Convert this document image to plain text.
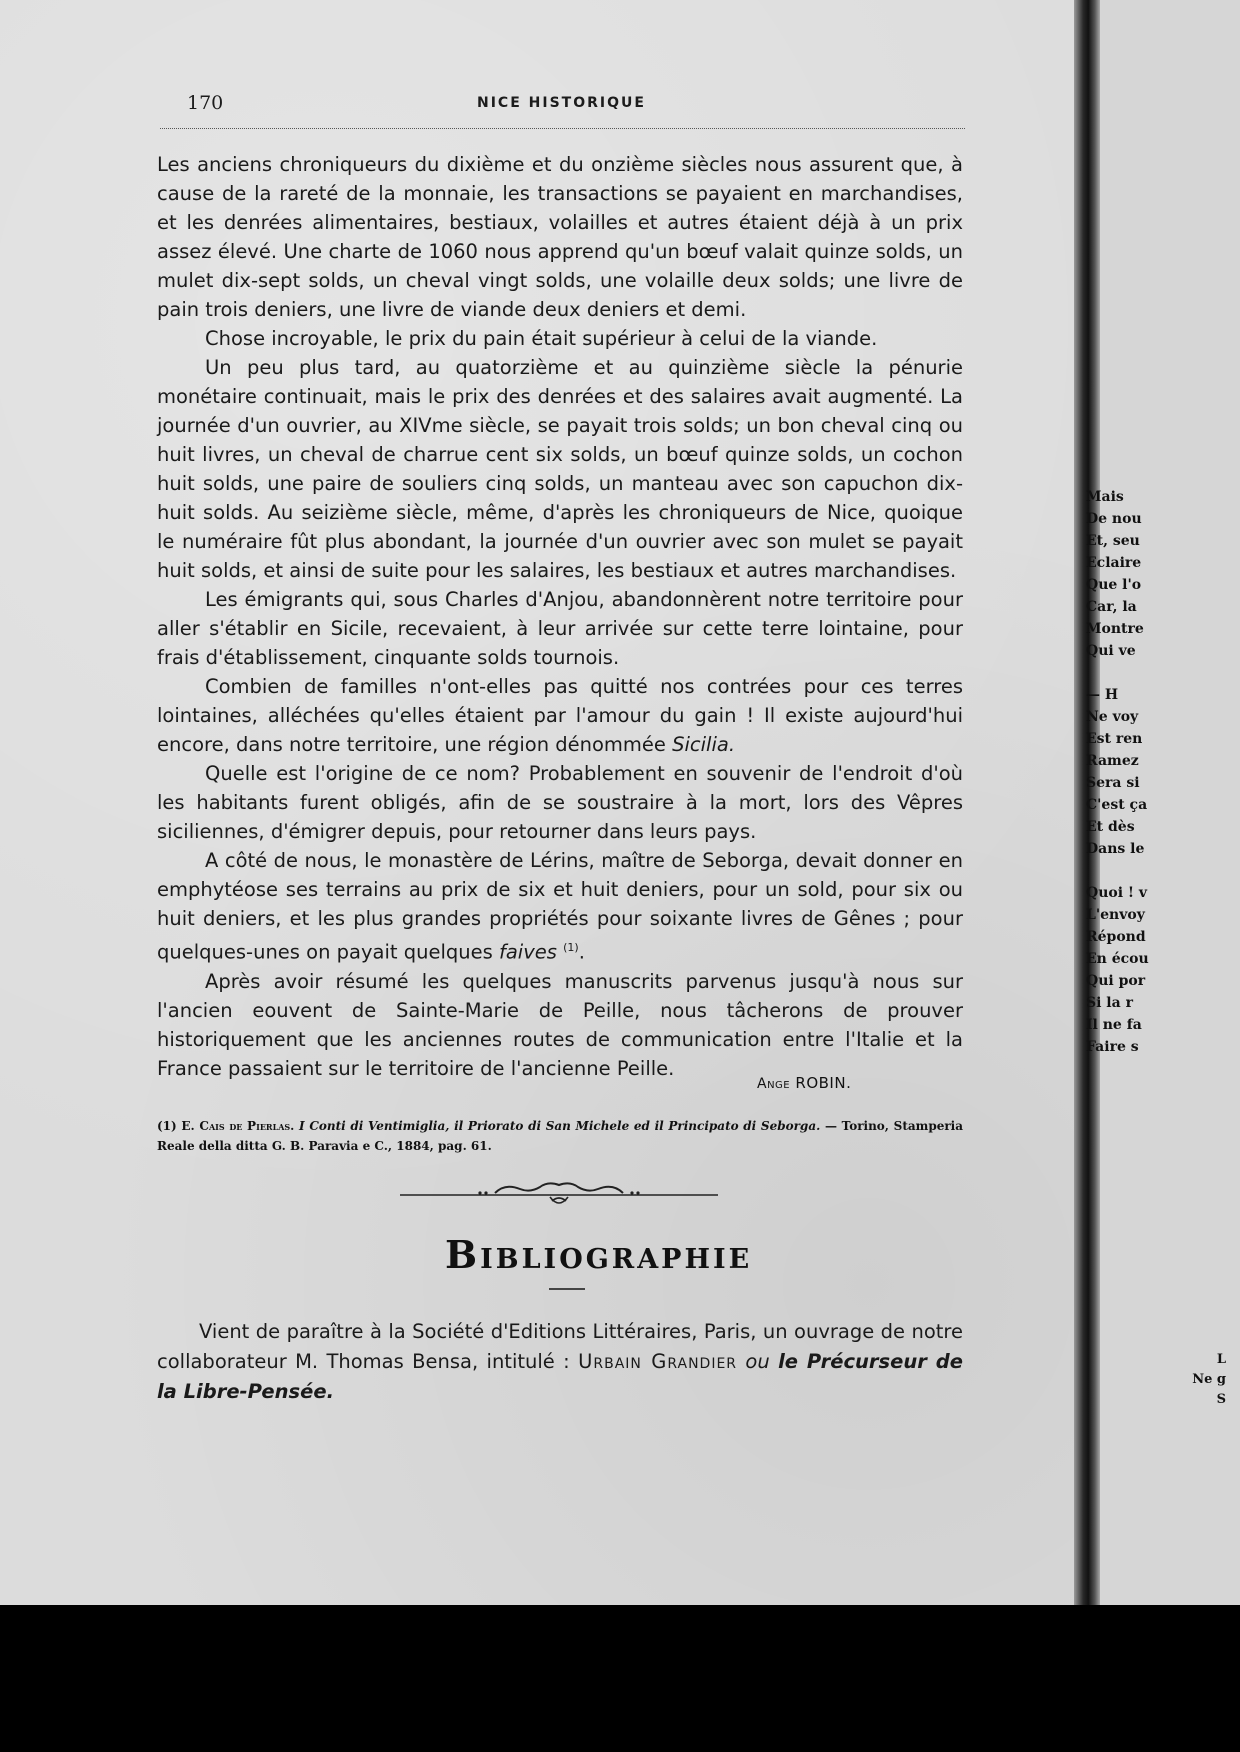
170	NICE HISTORIQUE

Les anciens chroniqueurs du dixième et du onzième siècles nous assurent que, à cause de la rareté de la monnaie, les transactions se payaient en marchandises, et les denrées alimentaires, bestiaux, volailles et autres étaient déjà à un prix assez élevé. Une charte de 1060 nous apprend qu'un bœuf valait quinze solds, un mulet dix-sept solds, un cheval vingt solds, une volaille deux solds; une livre de pain trois deniers, une livre de viande deux deniers et demi.

Chose incroyable, le prix du pain était supérieur à celui de la viande.

Un peu plus tard, au quatorzième et au quinzième siècle la pénurie monétaire continuait, mais le prix des denrées et des salaires avait augmenté. La journée d'un ouvrier, au XIVme siècle, se payait trois solds; un bon cheval cinq ou huit livres, un cheval de charrue cent six solds, un bœuf quinze solds, un cochon huit solds, une paire de souliers cinq solds, un manteau avec son capuchon dix-huit solds. Au seizième siècle, même, d'après les chroniqueurs de Nice, quoique le numéraire fût plus abondant, la journée d'un ouvrier avec son mulet se payait huit solds, et ainsi de suite pour les salaires, les bestiaux et autres marchandises.

Les émigrants qui, sous Charles d'Anjou, abandonnèrent notre territoire pour aller s'établir en Sicile, recevaient, à leur arrivée sur cette terre lointaine, pour frais d'établissement, cinquante solds tournois.

Combien de familles n'ont-elles pas quitté nos contrées pour ces terres lointaines, alléchées qu'elles étaient par l'amour du gain ! Il existe aujourd'hui encore, dans notre territoire, une région dénommée Sicilia.

Quelle est l'origine de ce nom? Probablement en souvenir de l'endroit d'où les habitants furent obligés, afin de se soustraire à la mort, lors des Vêpres siciliennes, d'émigrer depuis, pour retourner dans leurs pays.

A côté de nous, le monastère de Lérins, maître de Seborga, devait donner en emphytéose ses terrains au prix de six et huit deniers, pour un sold, pour six ou huit deniers, et les plus grandes propriétés pour soixante livres de Gênes ; pour quelques-unes on payait quelques faives $^{(1)}$.

Après avoir résumé les quelques manuscrits parvenus jusqu'à nous sur l'ancien eouvent de Sainte-Marie de Peille, nous tâcherons de prouver historiquement que les anciennes routes de communication entre l'Italie et la France passaient sur le territoire de l'ancienne Peille.

Ange ROBIN.
(1) E. Cais de Pierlas. I Conti di Ventimiglia, il Priorato di San Michele ed il Principato di Seborga. — Torino, Stamperia Reale della ditta G. B. Paravia e C., 1884, pag. 61.
BIBLIOGRAPHIE

Vient de paraître à la Société d'Editions Littéraires, Paris, un ouvrage de notre collaborateur M. Thomas Bensa, intitulé : Urbain Grandier ou le Précurseur de la Libre-Pensée.

Mais
De nou
Et, seu
Eclaire
Que l'o
Car, la
Montre
Qui ve
— H
Ne voy
Est ren
Ramez
Sera si
C'est ça
Et dès
Dans le
Quoi ! v
L'envoy
Répond
En écou
Qui por
Si la r
Il ne fa
Faire s
L
Ne g
S
